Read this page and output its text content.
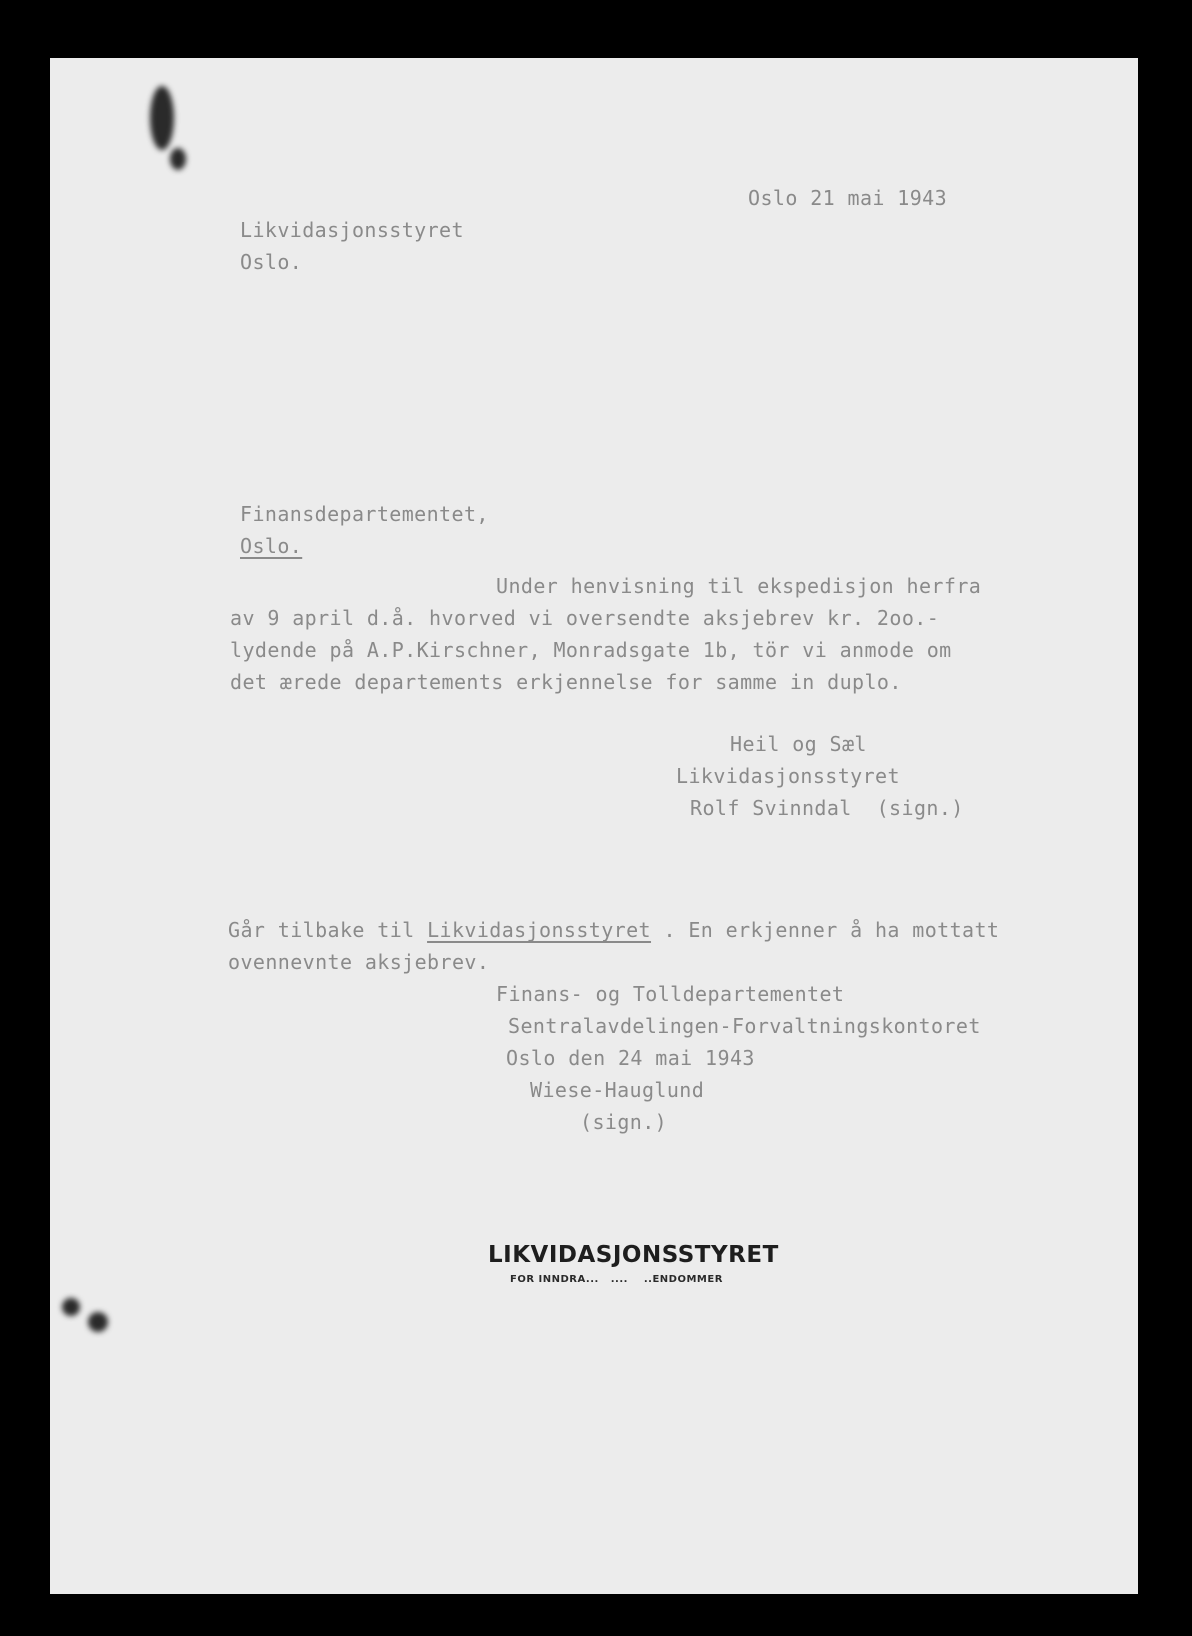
Oslo 21 mai 1943
Likvidasjonsstyret
Oslo.
Finansdepartementet,
Oslo.
Under henvisning til ekspedisjon herfra
av 9 april d.å. hvorved vi oversendte aksjebrev kr. 2oo.-
lydende på A.P.Kirschner, Monradsgate 1b, tör vi anmode om
det ærede departements erkjennelse for samme in duplo.
Heil og Sæl
Likvidasjonsstyret
Rolf Svinndal  (sign.)
Går tilbake til Likvidasjonsstyret . En erkjenner å ha mottatt
ovennevnte aksjebrev.
Finans- og Tolldepartementet
Sentralavdelingen-Forvaltningskontoret
Oslo den 24 mai 1943
Wiese-Hauglund
(sign.)
LIKVIDASJONSSTYRET
FOR INNDRA...   ....    ..ENDOMMER
